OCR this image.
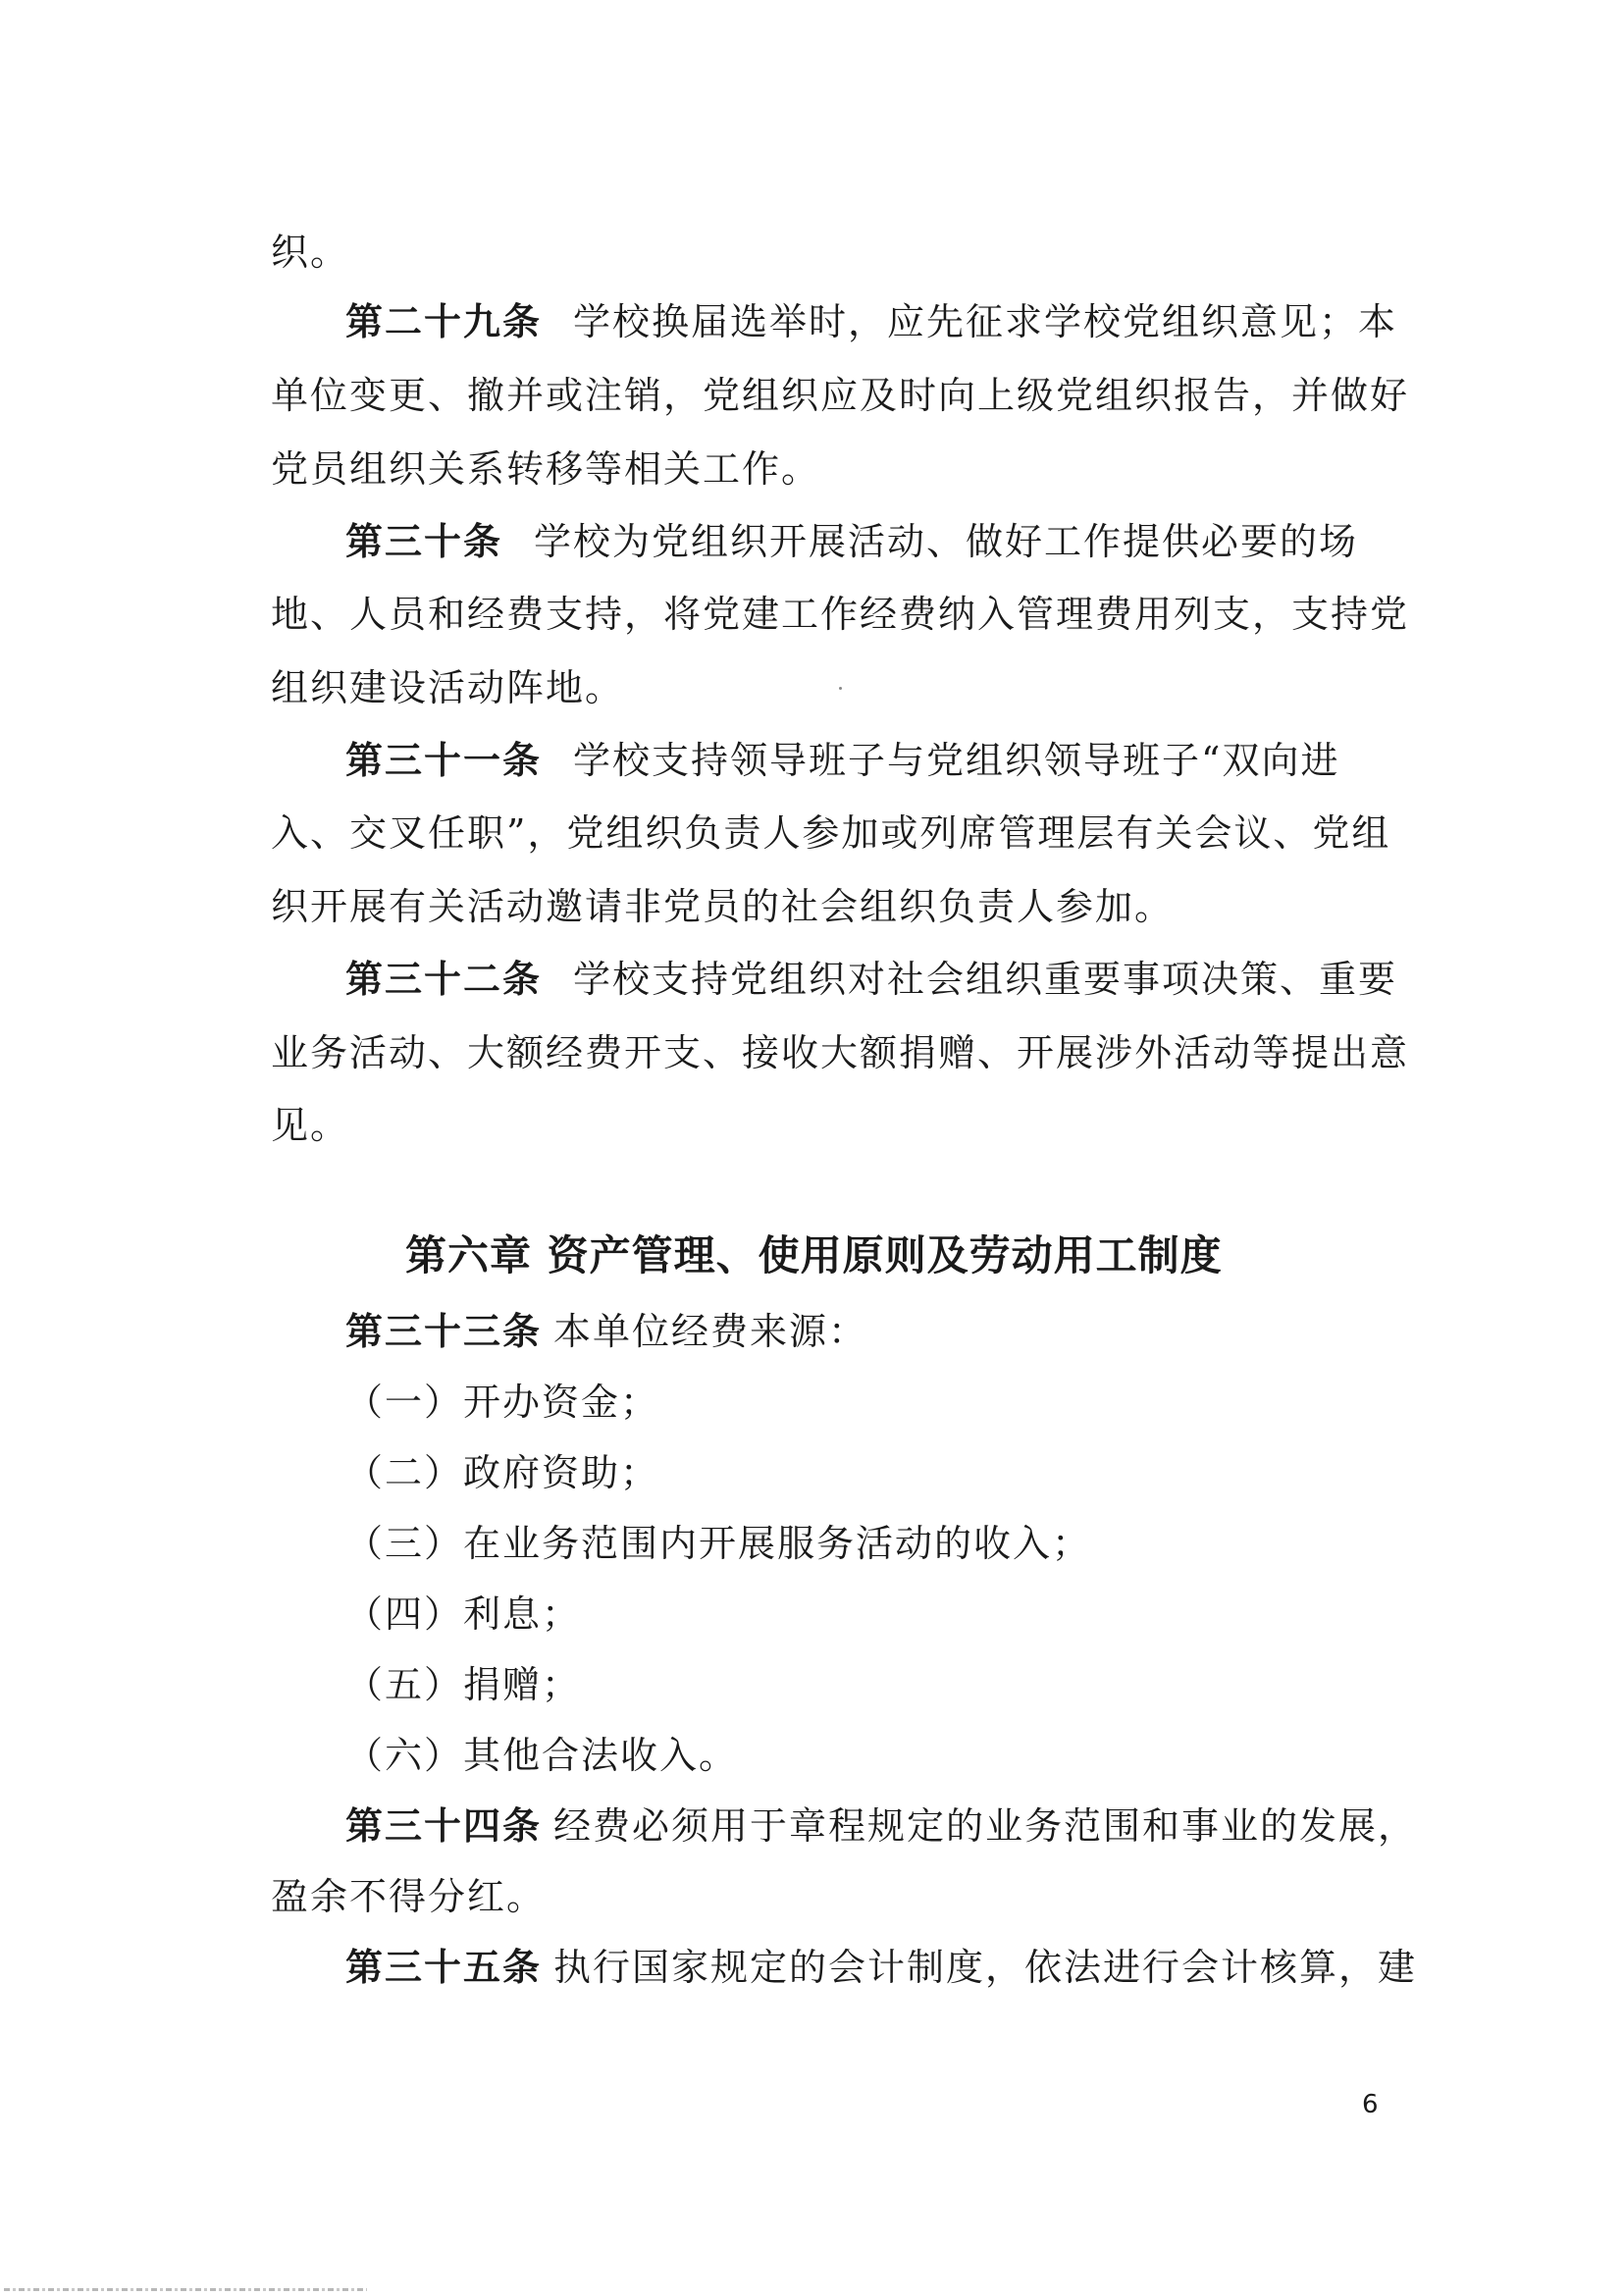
织。
第二十九条 学校换届选举时，应先征求学校党组织意见；本
单位变更、撤并或注销，党组织应及时向上级党组织报告，并做好
党员组织关系转移等相关工作。
第三十条 学校为党组织开展活动、做好工作提供必要的场
地、人员和经费支持，将党建工作经费纳入管理费用列支，支持党
组织建设活动阵地。
第三十一条 学校支持领导班子与党组织领导班子“双向进
入、交叉任职”，党组织负责人参加或列席管理层有关会议、党组
织开展有关活动邀请非党员的社会组织负责人参加。
第三十二条 学校支持党组织对社会组织重要事项决策、重要
业务活动、大额经费开支、接收大额捐赠、开展涉外活动等提出意
见。
第六章 资产管理、使用原则及劳动用工制度
第三十三条 本单位经费来源：
（一）开办资金；
（二）政府资助；
（三）在业务范围内开展服务活动的收入；
（四）利息；
（五）捐赠；
（六）其他合法收入。
第三十四条 经费必须用于章程规定的业务范围和事业的发展，
盈余不得分红。
第三十五条 执行国家规定的会计制度，依法进行会计核算，建
6
